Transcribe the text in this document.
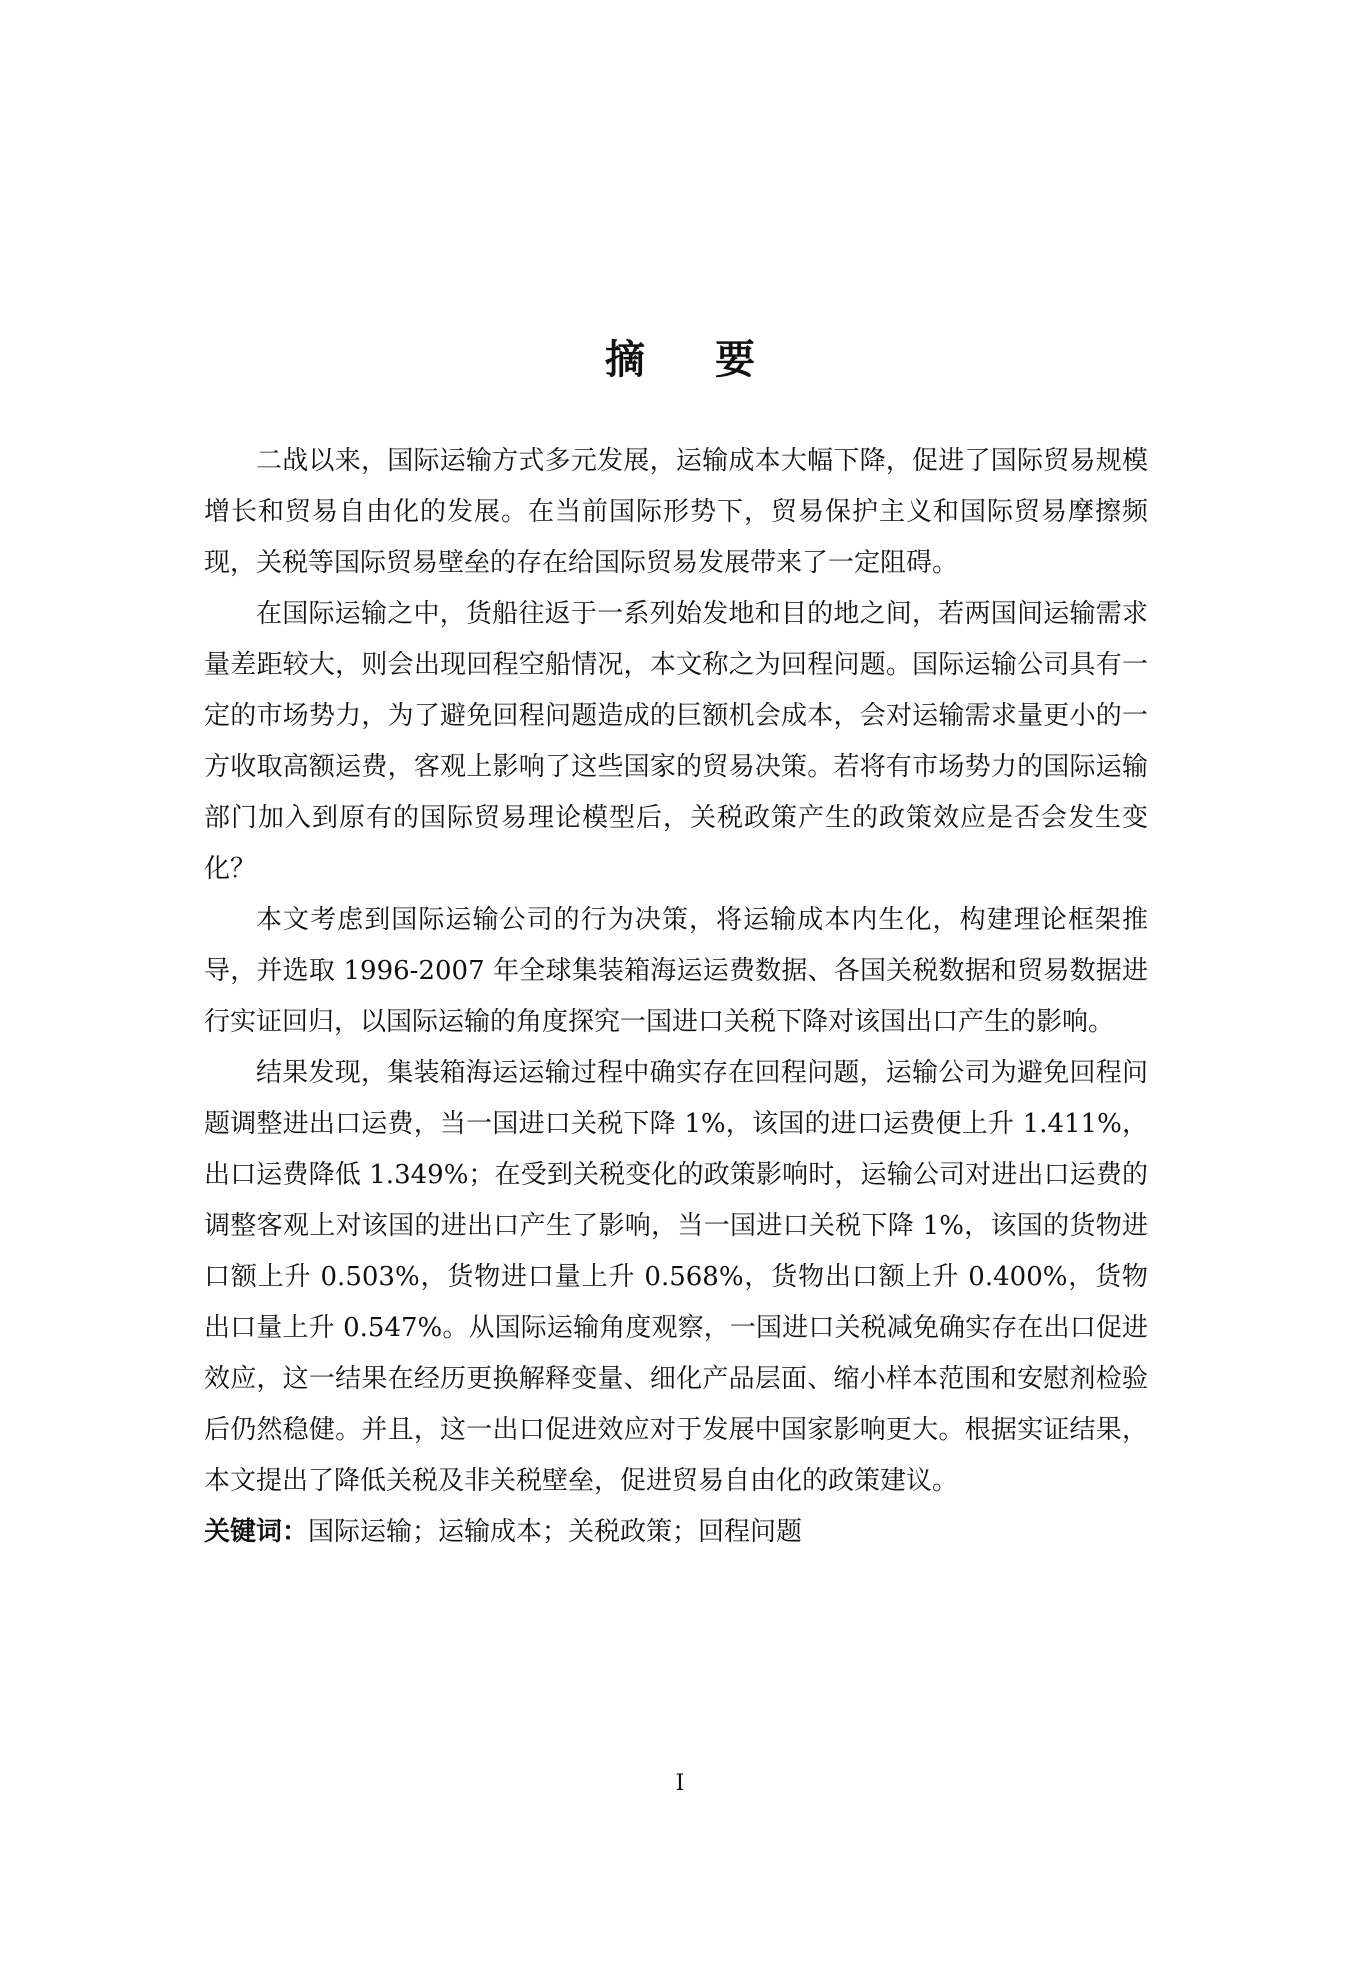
摘 要

二战以来，国际运输方式多元发展，运输成本大幅下降，促进了国际贸易规模增长和贸易自由化的发展。在当前国际形势下，贸易保护主义和国际贸易摩擦频现，关税等国际贸易壁垒的存在给国际贸易发展带来了一定阻碍。

在国际运输之中，货船往返于一系列始发地和目的地之间，若两国间运输需求量差距较大，则会出现回程空船情况，本文称之为回程问题。国际运输公司具有一定的市场势力，为了避免回程问题造成的巨额机会成本，会对运输需求量更小的一方收取高额运费，客观上影响了这些国家的贸易决策。若将有市场势力的国际运输部门加入到原有的国际贸易理论模型后，关税政策产生的政策效应是否会发生变化？

本文考虑到国际运输公司的行为决策，将运输成本内生化，构建理论框架推导，并选取 1996-2007 年全球集装箱海运运费数据、各国关税数据和贸易数据进行实证回归，以国际运输的角度探究一国进口关税下降对该国出口产生的影响。

结果发现，集装箱海运运输过程中确实存在回程问题，运输公司为避免回程问题调整进出口运费，当一国进口关税下降 1%，该国的进口运费便上升 1.411%，出口运费降低 1.349%；在受到关税变化的政策影响时，运输公司对进出口运费的调整客观上对该国的进出口产生了影响，当一国进口关税下降 1%，该国的货物进口额上升 0.503%，货物进口量上升 0.568%，货物出口额上升 0.400%，货物出口量上升 0.547%。从国际运输角度观察，一国进口关税减免确实存在出口促进效应，这一结果在经历更换解释变量、细化产品层面、缩小样本范围和安慰剂检验后仍然稳健。并且，这一出口促进效应对于发展中国家影响更大。根据实证结果，本文提出了降低关税及非关税壁垒，促进贸易自由化的政策建议。

关键词：国际运输；运输成本；关税政策；回程问题

I
